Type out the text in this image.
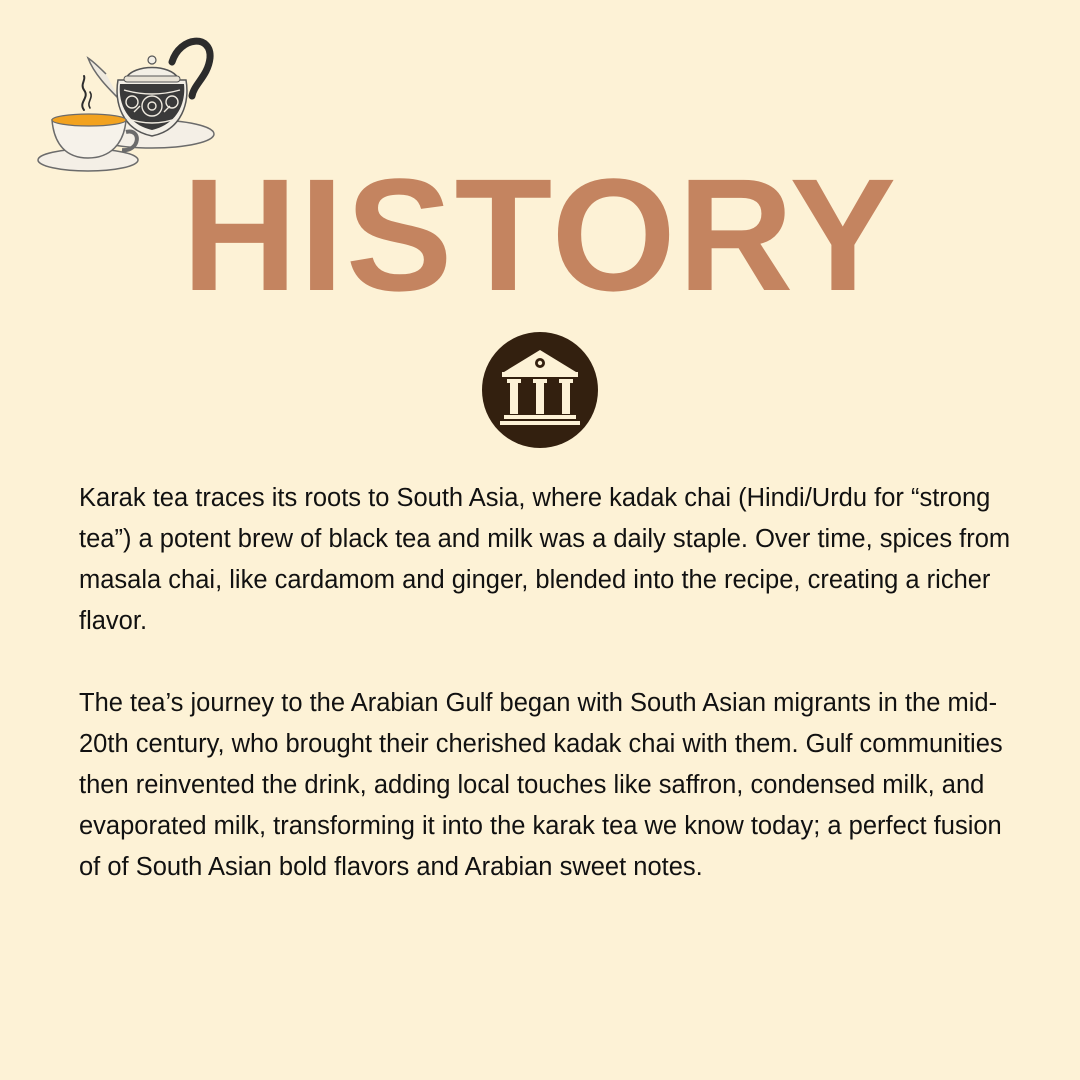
HISTORY

Karak tea traces its roots to South Asia, where kadak chai (Hindi/Urdu for “strong tea”) a potent brew of black tea and milk was a daily staple. Over time, spices from masala chai, like cardamom and ginger, blended into the recipe, creating a richer flavor.

The tea’s journey to the Arabian Gulf began with South Asian migrants in the mid-20th century, who brought their cherished kadak chai with them. Gulf communities then reinvented the drink, adding local touches like saffron, condensed milk, and evaporated milk, transforming it into the karak tea we know today; a perfect fusion of of South Asian bold flavors and Arabian sweet notes.
